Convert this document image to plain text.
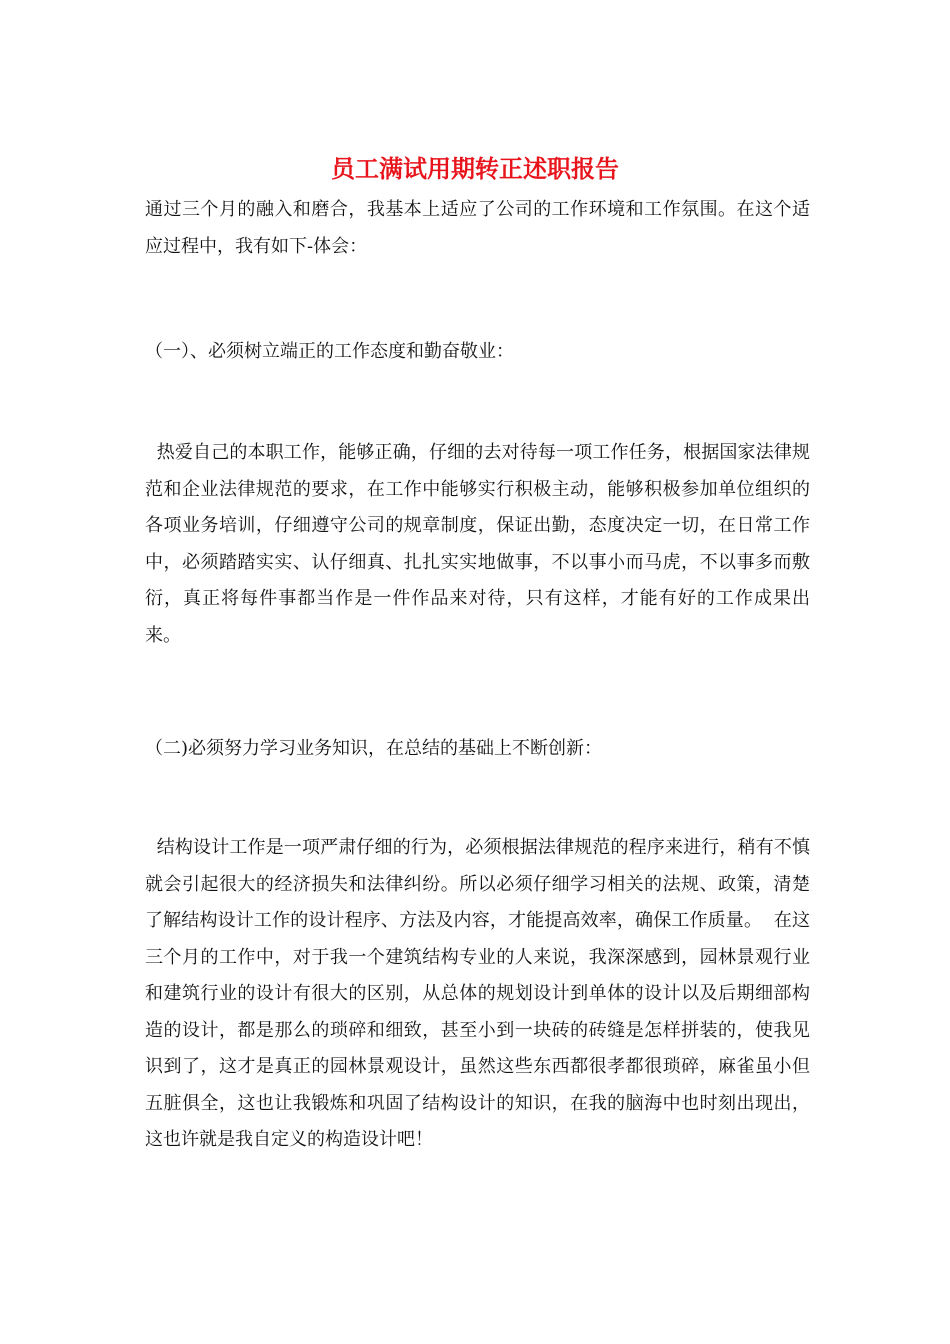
员工满试用期转正述职报告

通过三个月的融入和磨合，我基本上适应了公司的工作环境和工作氛围。在这个适应过程中，我有如下-体会：

（一）、必须树立端正的工作态度和勤奋敬业：

热爱自己的本职工作，能够正确，仔细的去对待每一项工作任务，根据国家法律规范和企业法律规范的要求，在工作中能够实行积极主动，能够积极参加单位组织的各项业务培训，仔细遵守公司的规章制度，保证出勤，态度决定一切，在日常工作中，必须踏踏实实、认仔细真、扎扎实实地做事，不以事小而马虎，不以事多而敷衍，真正将每件事都当作是一件作品来对待，只有这样，才能有好的工作成果出来。

（二)必须努力学习业务知识，在总结的基础上不断创新：

结构设计工作是一项严肃仔细的行为，必须根据法律规范的程序来进行，稍有不慎就会引起很大的经济损失和法律纠纷。所以必须仔细学习相关的法规、政策，清楚了解结构设计工作的设计程序、方法及内容，才能提高效率，确保工作质量。  在这三个月的工作中，对于我一个建筑结构专业的人来说，我深深感到，园林景观行业和建筑行业的设计有很大的区别，从总体的规划设计到单体的设计以及后期细部构造的设计，都是那么的琐碎和细致，甚至小到一块砖的砖缝是怎样拼装的，使我见识到了，这才是真正的园林景观设计，虽然这些东西都很孝都很琐碎，麻雀虽小但五脏俱全，这也让我锻炼和巩固了结构设计的知识，在我的脑海中也时刻出现出，这也许就是我自定义的构造设计吧！
